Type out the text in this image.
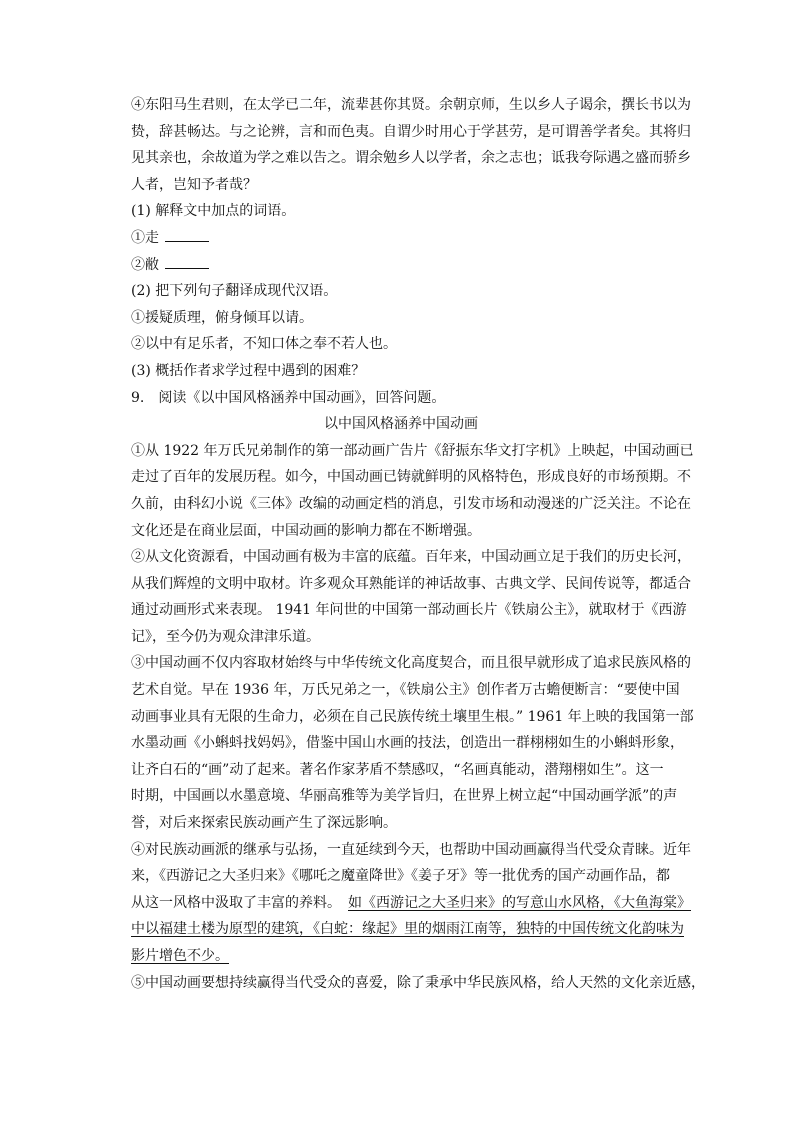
④东阳马生君则，在太学已二年，流辈甚你其贤。余朝京师，生以乡人子谒余，撰长书以为
贽，辞甚畅达。与之论辨，言和而色夷。自谓少时用心于学甚劳，是可谓善学者矣。其将归
见其亲也，余故道为学之难以告之。谓余勉乡人以学者，余之志也；诋我夸际遇之盛而骄乡
人者，岂知予者哉？
(1) 解释文中加点的词语。
①走
②敝
(2) 把下列句子翻译成现代汉语。
①援疑质理，俯身倾耳以请。
②以中有足乐者，不知口体之奉不若人也。
(3) 概括作者求学过程中遇到的困难？
9.　阅读《以中国风格涵养中国动画》，回答问题。
以中国风格涵养中国动画
①从 1922 年万氏兄弟制作的第一部动画广告片《舒振东华文打字机》上映起，中国动画已
走过了百年的发展历程。如今，中国动画已铸就鲜明的风格特色，形成良好的市场预期。不
久前，由科幻小说《三体》改编的动画定档的消息，引发市场和动漫迷的广泛关注。不论在
文化还是在商业层面，中国动画的影响力都在不断增强。
②从文化资源看，中国动画有极为丰富的底蕴。百年来，中国动画立足于我们的历史长河，
从我们辉煌的文明中取材。许多观众耳熟能详的神话故事、古典文学、民间传说等，都适合
通过动画形式来表现。 1941 年问世的中国第一部动画长片《铁扇公主》，就取材于《西游
记》，至今仍为观众津津乐道。
③中国动画不仅内容取材始终与中华传统文化高度契合，而且很早就形成了追求民族风格的
艺术自觉。早在 1936 年，万氏兄弟之一，《铁扇公主》创作者万古蟾便断言：“要使中国
动画事业具有无限的生命力，必须在自己民族传统土壤里生根。” 1961 年上映的我国第一部
水墨动画《小蝌蚪找妈妈》，借鉴中国山水画的技法，创造出一群栩栩如生的小蝌蚪形象，
让齐白石的“画”动了起来。著名作家茅盾不禁感叹，“名画真能动，潜翔栩如生”。这一
时期，中国画以水墨意境、华丽高雅等为美学旨归，在世界上树立起“中国动画学派”的声
誉，对后来探索民族动画产生了深远影响。
④对民族动画派的继承与弘扬，一直延续到今天，也帮助中国动画赢得当代受众青睐。近年
来，《西游记之大圣归来》《哪吒之魔童降世》《姜子牙》等一批优秀的国产动画作品，都
从这一风格中汲取了丰富的养料。　 如《西游记之大圣归来》的写意山水风格，《大鱼海棠》
中以福建土楼为原型的建筑，《白蛇：缘起》里的烟雨江南等，独特的中国传统文化韵味为
影片增色不少。
⑤中国动画要想持续赢得当代受众的喜爱，除了秉承中华民族风格，给人天然的文化亲近感，
